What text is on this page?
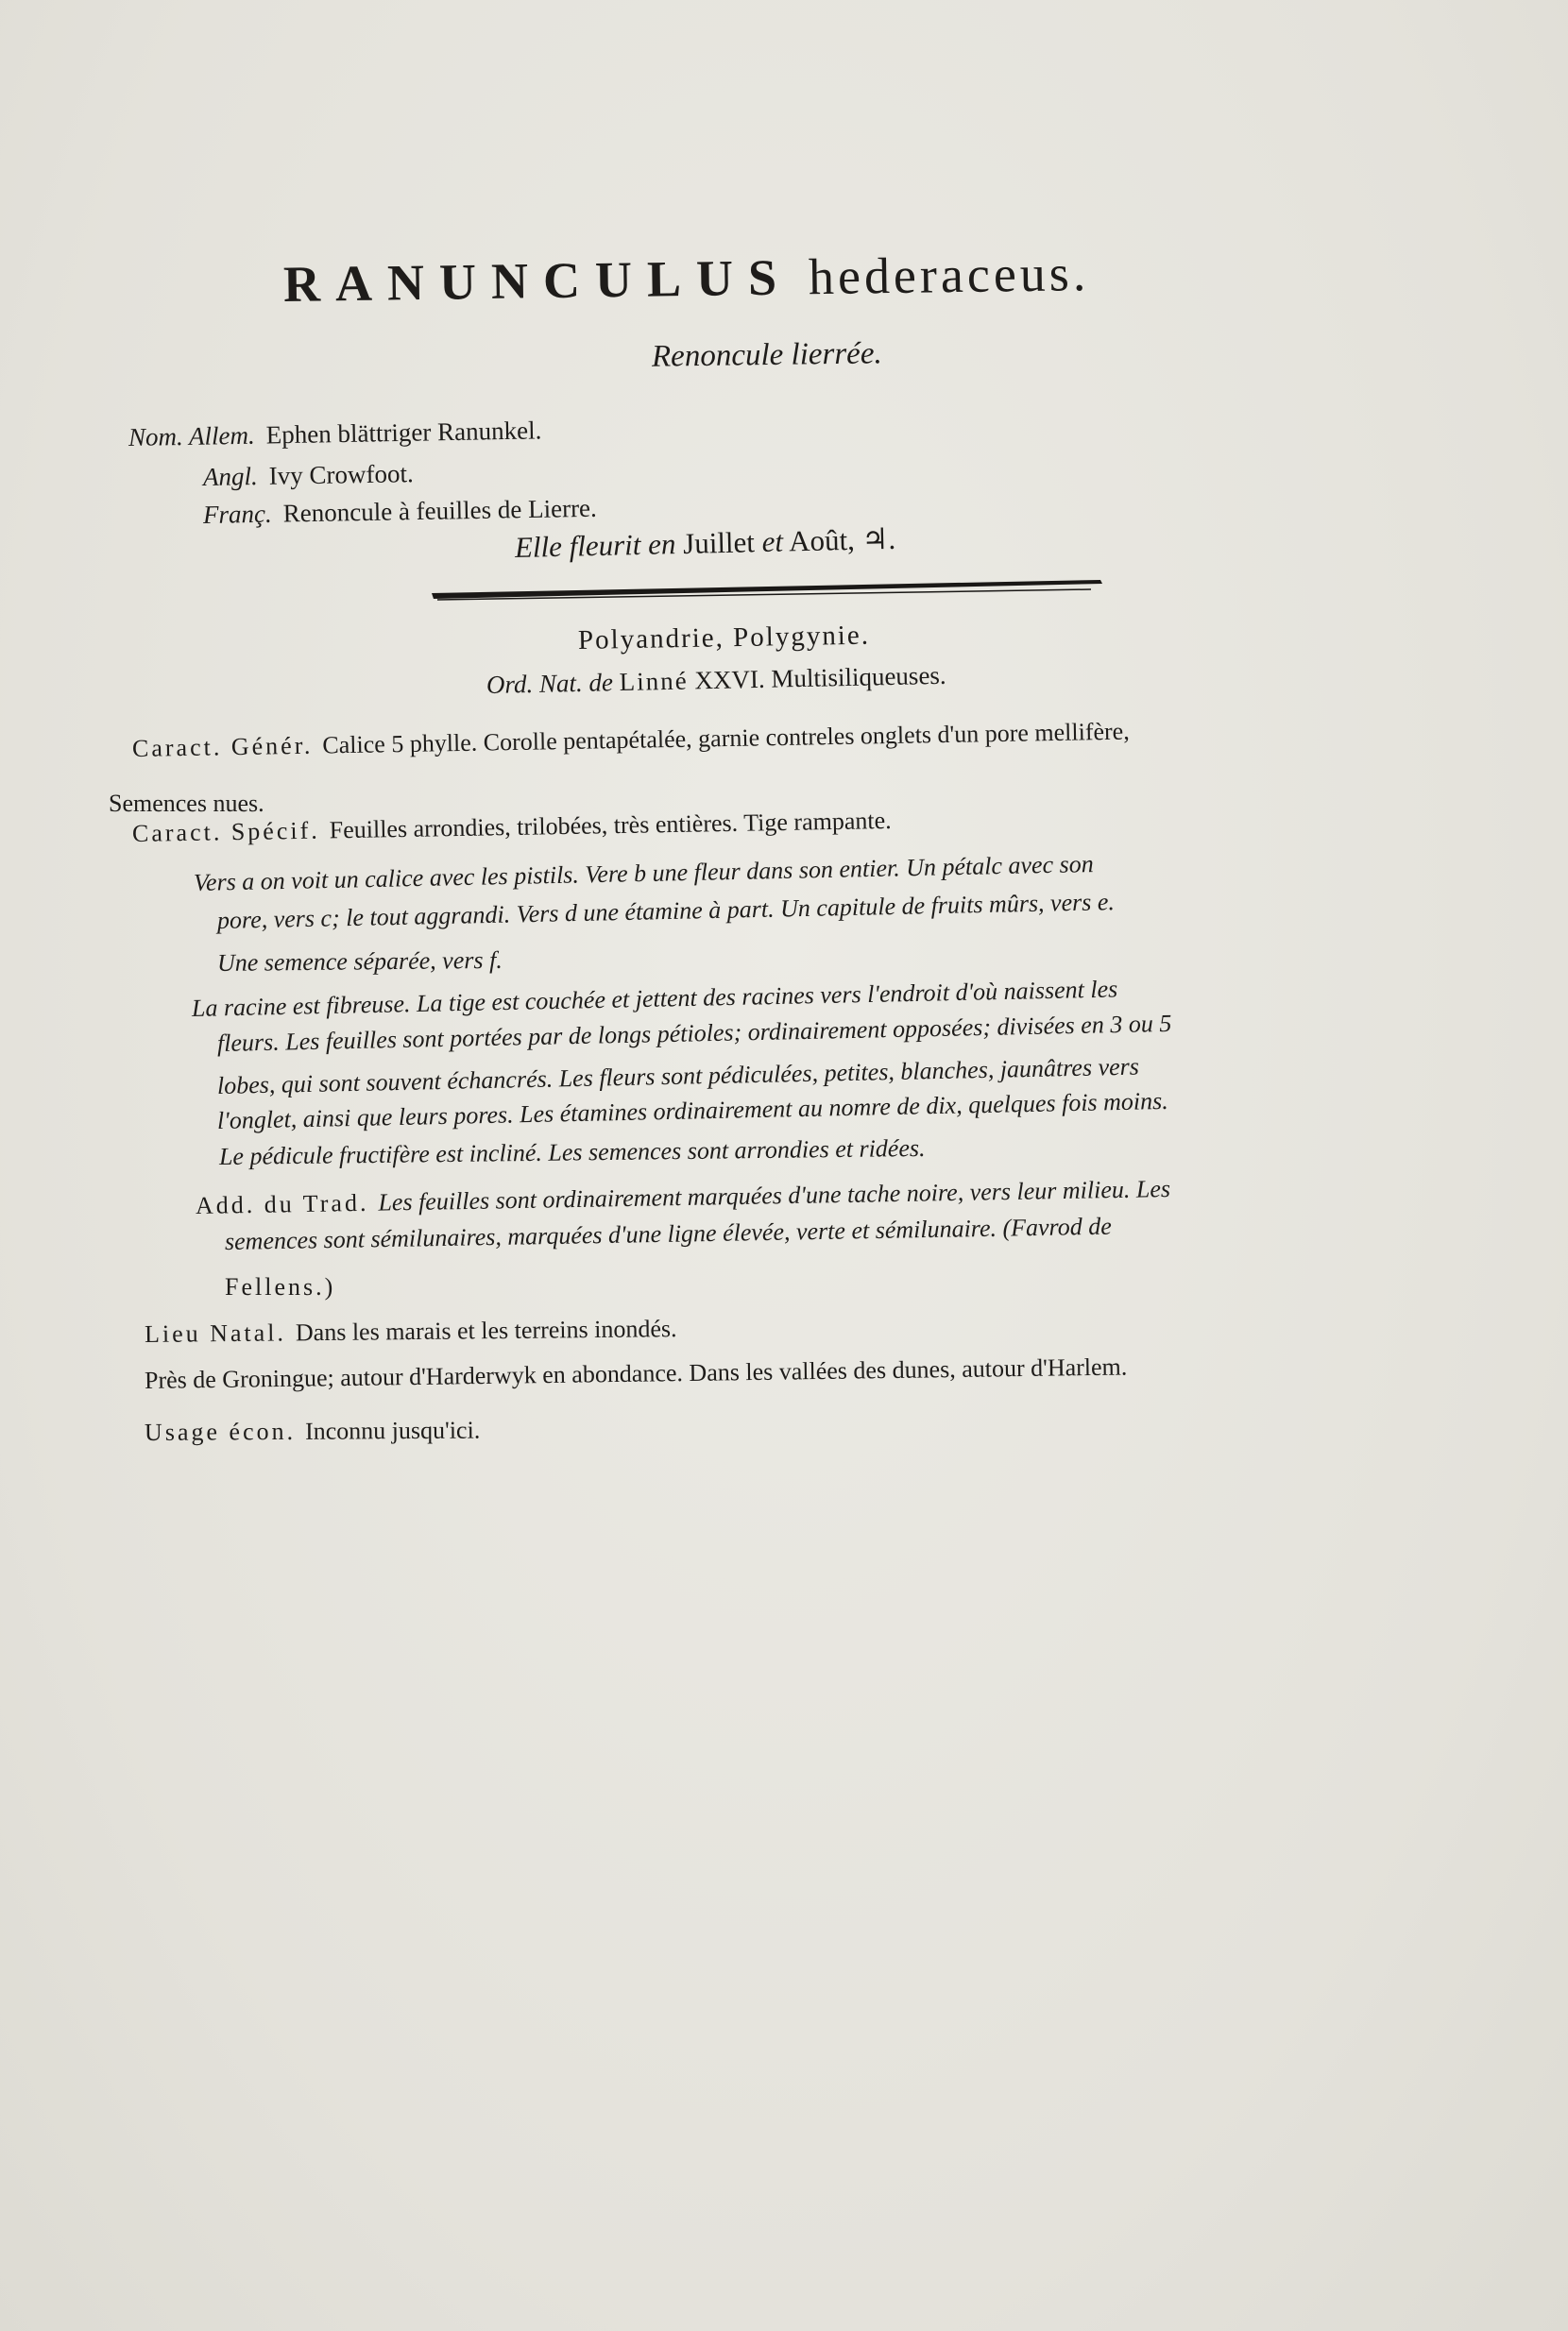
RANUNCULUS hederaceus.
Renoncule lierrée.
Nom. Allem. Ephen blättriger Ranunkel.
Angl. Ivy Crowfoot.
Franç. Renoncule à feuilles de Lierre.
Elle fleurit en Juillet et Août, ♃.
Polyandrie, Polygynie.
Ord. Nat. de Linné XXVI. Multisiliqueuses.
Caract. Génér. Calice 5 phylle. Corolle pentapétalée, garnie contreles onglets d'un pore mellifère,
Semences nues.
Caract. Spécif. Feuilles arrondies, trilobées, très entières. Tige rampante.
Vers a on voit un calice avec les pistils. Vere b une fleur dans son entier. Un pétalc avec son
pore, vers c; le tout aggrandi. Vers d une étamine à part. Un capitule de fruits mûrs, vers e.
Une semence séparée, vers f.
La racine est fibreuse. La tige est couchée et jettent des racines vers l'endroit d'où naissent les
fleurs. Les feuilles sont portées par de longs pétioles; ordinairement opposées; divisées en 3 ou 5
lobes, qui sont souvent échancrés. Les fleurs sont pédiculées, petites, blanches, jaunâtres vers
l'onglet, ainsi que leurs pores. Les étamines ordinairement au nomre de dix, quelques fois moins.
Le pédicule fructifère est incliné. Les semences sont arrondies et ridées.
Add. du Trad. Les feuilles sont ordinairement marquées d'une tache noire, vers leur milieu. Les
semences sont sémilunaires, marquées d'une ligne élevée, verte et sémilunaire. (Favrod de
Fellens.)
Lieu Natal. Dans les marais et les terreins inondés.
Près de Groningue; autour d'Harderwyk en abondance. Dans les vallées des dunes, autour d'Harlem.
Usage écon. Inconnu jusqu'ici.
